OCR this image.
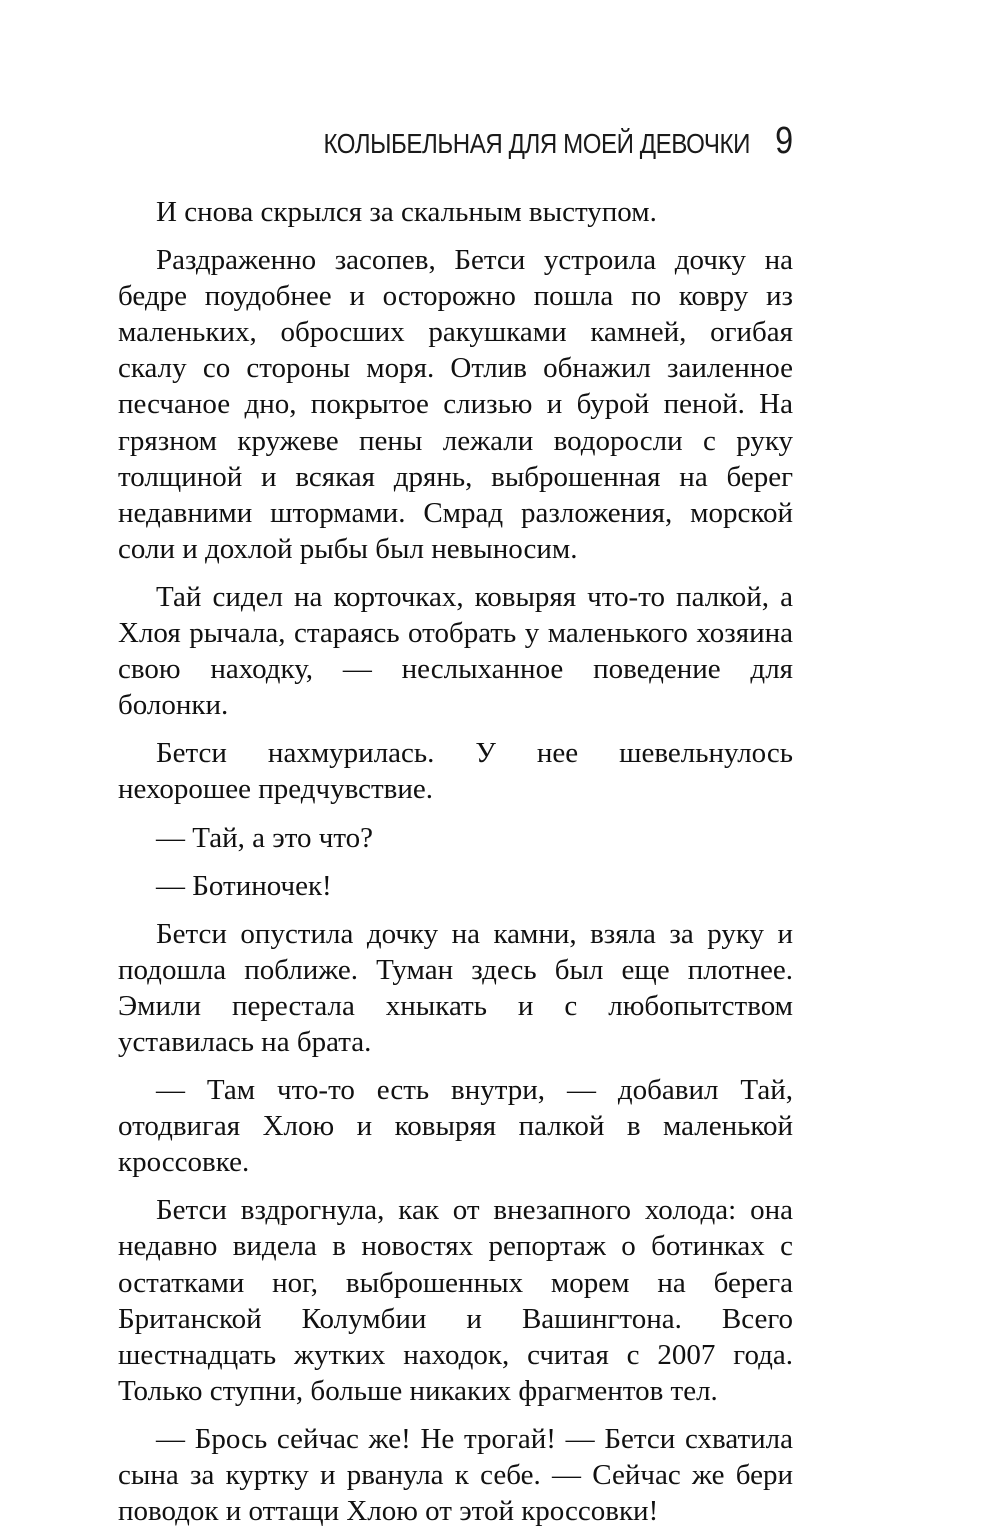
КОЛЫБЕЛЬНАЯ ДЛЯ МОЕЙ ДЕВОЧКИ 9

И снова скрылся за скальным выступом.

Раздраженно засопев, Бетси устроила дочку на бедре поудобнее и осторожно пошла по ковру из маленьких, обросших ракушками камней, огибая скалу со стороны моря. Отлив обнажил заиленное песчаное дно, покрытое слизью и бурой пеной. На грязном кружеве пены лежали водоросли с руку толщиной и всякая дрянь, выброшенная на берег недавними штормами. Смрад разложения, морской соли и дохлой рыбы был невыносим.

Тай сидел на корточках, ковыряя что-то палкой, а Хлоя рычала, стараясь отобрать у маленького хозяина свою находку, — неслыханное поведение для болонки.

Бетси нахмурилась. У нее шевельнулось нехорошее предчувствие.

— Тай, а это что?

— Ботиночек!

Бетси опустила дочку на камни, взяла за руку и подошла поближе. Туман здесь был еще плотнее. Эмили перестала хныкать и с любопытством уставилась на брата.

— Там что-то есть внутри, — добавил Тай, отодвигая Хлою и ковыряя палкой в маленькой кроссовке.

Бетси вздрогнула, как от внезапного холода: она недавно видела в новостях репортаж о ботинках с остатками ног, выброшенных морем на берега Британской Колумбии и Вашингтона. Всего шестнадцать жутких находок, считая с 2007 года. Только ступни, больше никаких фрагментов тел.

— Брось сейчас же! Не трогай! — Бетси схватила сына за куртку и рванула к себе. — Сейчас же бери поводок и оттащи Хлою от этой кроссовки!
